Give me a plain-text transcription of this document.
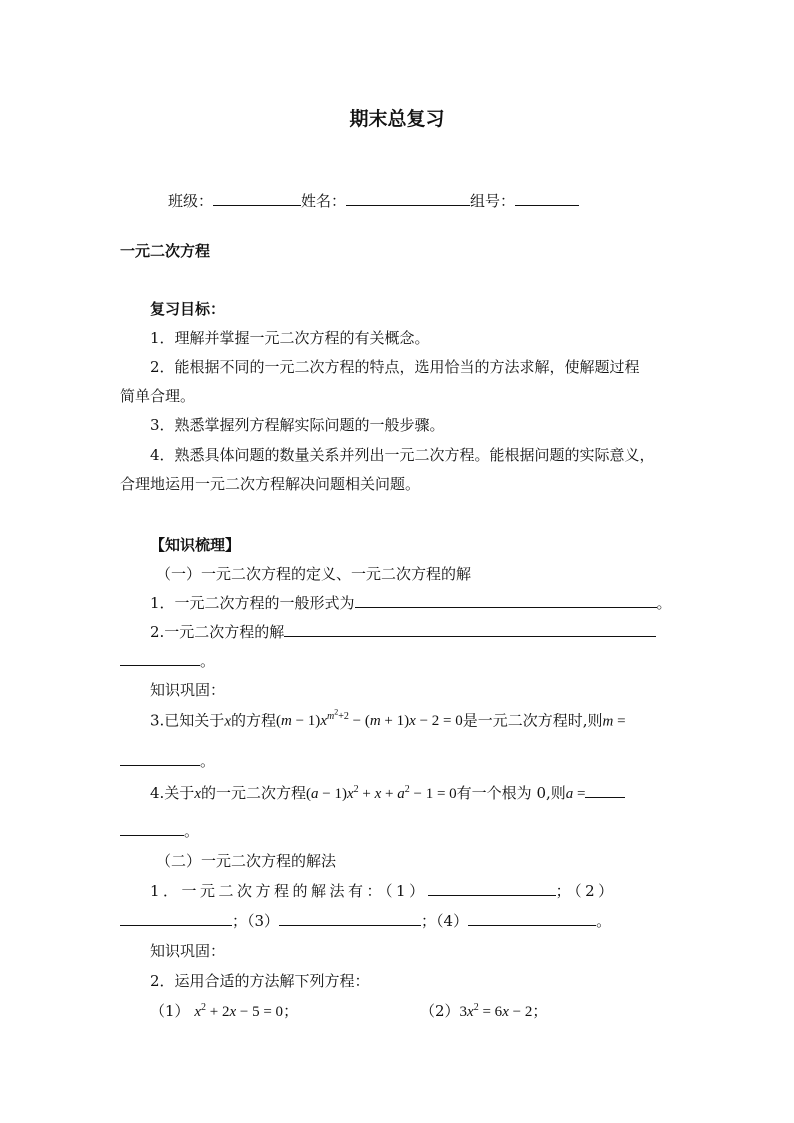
期末总复习
班级：	姓名：	组号：
一元二次方程
复习目标：
1．理解并掌握一元二次方程的有关概念。
2．能根据不同的一元二次方程的特点，选用恰当的方法求解，使解题过程
简单合理。
3．熟悉掌握列方程解实际问题的一般步骤。
4．熟悉具体问题的数量关系并列出一元二次方程。能根据问题的实际意义，
合理地运用一元二次方程解决问题相关问题。
【知识梳理】
（一）一元二次方程的定义、一元二次方程的解
1．一元二次方程的一般形式为	。
2.一元二次方程的解
。
知识巩固：
3.已知关于x的方程$(m - 1)x^{m^2+2} - (m + 1)x - 2 = 0$是一元二次方程时,则m =
。
4.关于x的一元二次方程$(a - 1)x^2 + x + a^2 - 1 = 0$有一个根为 0,则a =
。
（二）一元二次方程的解法
1．一元二次方程的解法有：（1）	；（2）
；（3）	；（4）	。
知识巩固：
2．运用合适的方法解下列方程：
（1） $x^2 + 2x - 5 = 0$；	$(2)3x^2 = 6x - 2$；
